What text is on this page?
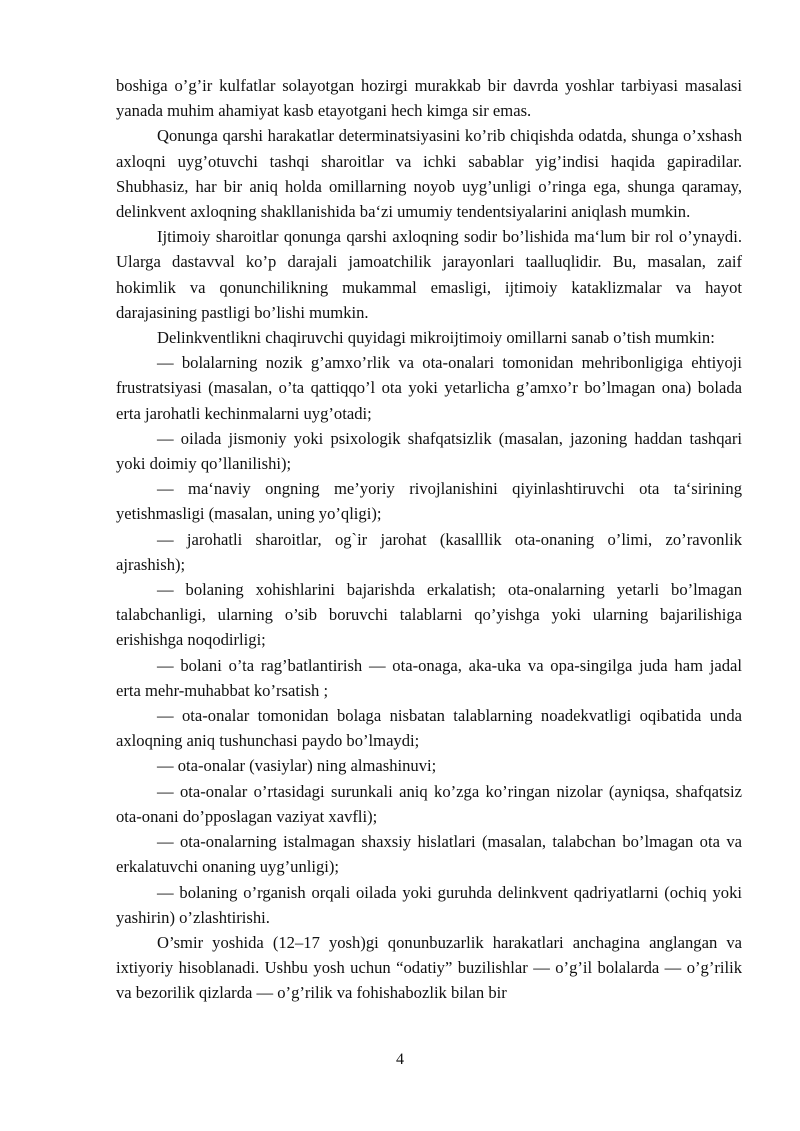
boshiga o’g’ir kulfatlar solayotgan hozirgi murakkab bir davrda yoshlar tarbiyasi masalasi yanada muhim ahamiyat kasb etayotgani hech kimga sir emas.

Qonunga qarshi harakatlar determinatsiyasini ko’rib chiqishda odatda, shunga o’xshash axloqni uyg’otuvchi tashqi sharoitlar va ichki sabablar yig’indisi haqida gapiradilar. Shubhasiz, har bir aniq holda omillarning noyob uyg’unligi o’ringa ega, shunga qaramay, delinkvent axloqning shakllanishida ba‘zi umumiy tendentsiyalarini aniqlash mumkin.

Ijtimoiy sharoitlar qonunga qarshi axloqning sodir bo’lishida ma‘lum bir rol o’ynaydi. Ularga dastavval ko’p darajali jamoatchilik jarayonlari taalluqlidir. Bu, masalan, zaif hokimlik va qonunchilikning mukammal emasligi, ijtimoiy kataklizmalar va hayot darajasining pastligi bo’lishi mumkin.

Delinkventlikni chaqiruvchi quyidagi mikroijtimoiy omillarni sanab o’tish mumkin:

— bolalarning nozik g’amxo’rlik va ota-onalari tomonidan mehribonligiga ehtiyoji frustratsiyasi (masalan, o’ta qattiqqo’l ota yoki yetarlicha g’amxo’r bo’lmagan ona) bolada erta jarohatli kechinmalarni uyg’otadi;

— oilada jismoniy yoki psixologik shafqatsizlik (masalan, jazoning haddan tashqari yoki doimiy qo’llanilishi);

— ma‘naviy ongning me’yoriy rivojlanishini qiyinlashtiruvchi ota ta‘sirining yetishmasligi (masalan, uning yo’qligi);

— jarohatli sharoitlar, og`ir jarohat (kasalllik ota-onaning o’limi, zo’ravonlik ajrashish);

— bolaning xohishlarini bajarishda erkalatish; ota-onalarning yetarli bo’lmagan talabchanligi, ularning o’sib boruvchi talablarni qo’yishga yoki ularning bajarilishiga erishishga noqodirligi;

— bolani o’ta rag’batlantirish — ota-onaga, aka-uka va opa-singilga juda ham jadal erta mehr-muhabbat ko’rsatish ;

— ota-onalar tomonidan bolaga nisbatan talablarning noadekvatligi oqibatida unda axloqning aniq tushunchasi paydo bo’lmaydi;

— ota-onalar (vasiylar) ning almashinuvi;

— ota-onalar o’rtasidagi surunkali aniq ko’zga ko’ringan nizolar (ayniqsa, shafqatsiz ota-onani do’pposlagan vaziyat xavfli);

— ota-onalarning istalmagan shaxsiy hislatlari (masalan, talabchan bo’lmagan ota va erkalatuvchi onaning uyg’unligi);

— bolaning o’rganish orqali oilada yoki guruhda delinkvent qadriyatlarni (ochiq yoki yashirin) o’zlashtirishi.

O’smir yoshida (12–17 yosh)gi qonunbuzarlik harakatlari anchagina anglangan va ixtiyoriy hisoblanadi. Ushbu yosh uchun “odatiy” buzilishlar — o’g’il bolalarda — o’g’rilik va bezorilik qizlarda — o’g’rilik va fohishabozlik bilan bir

4
